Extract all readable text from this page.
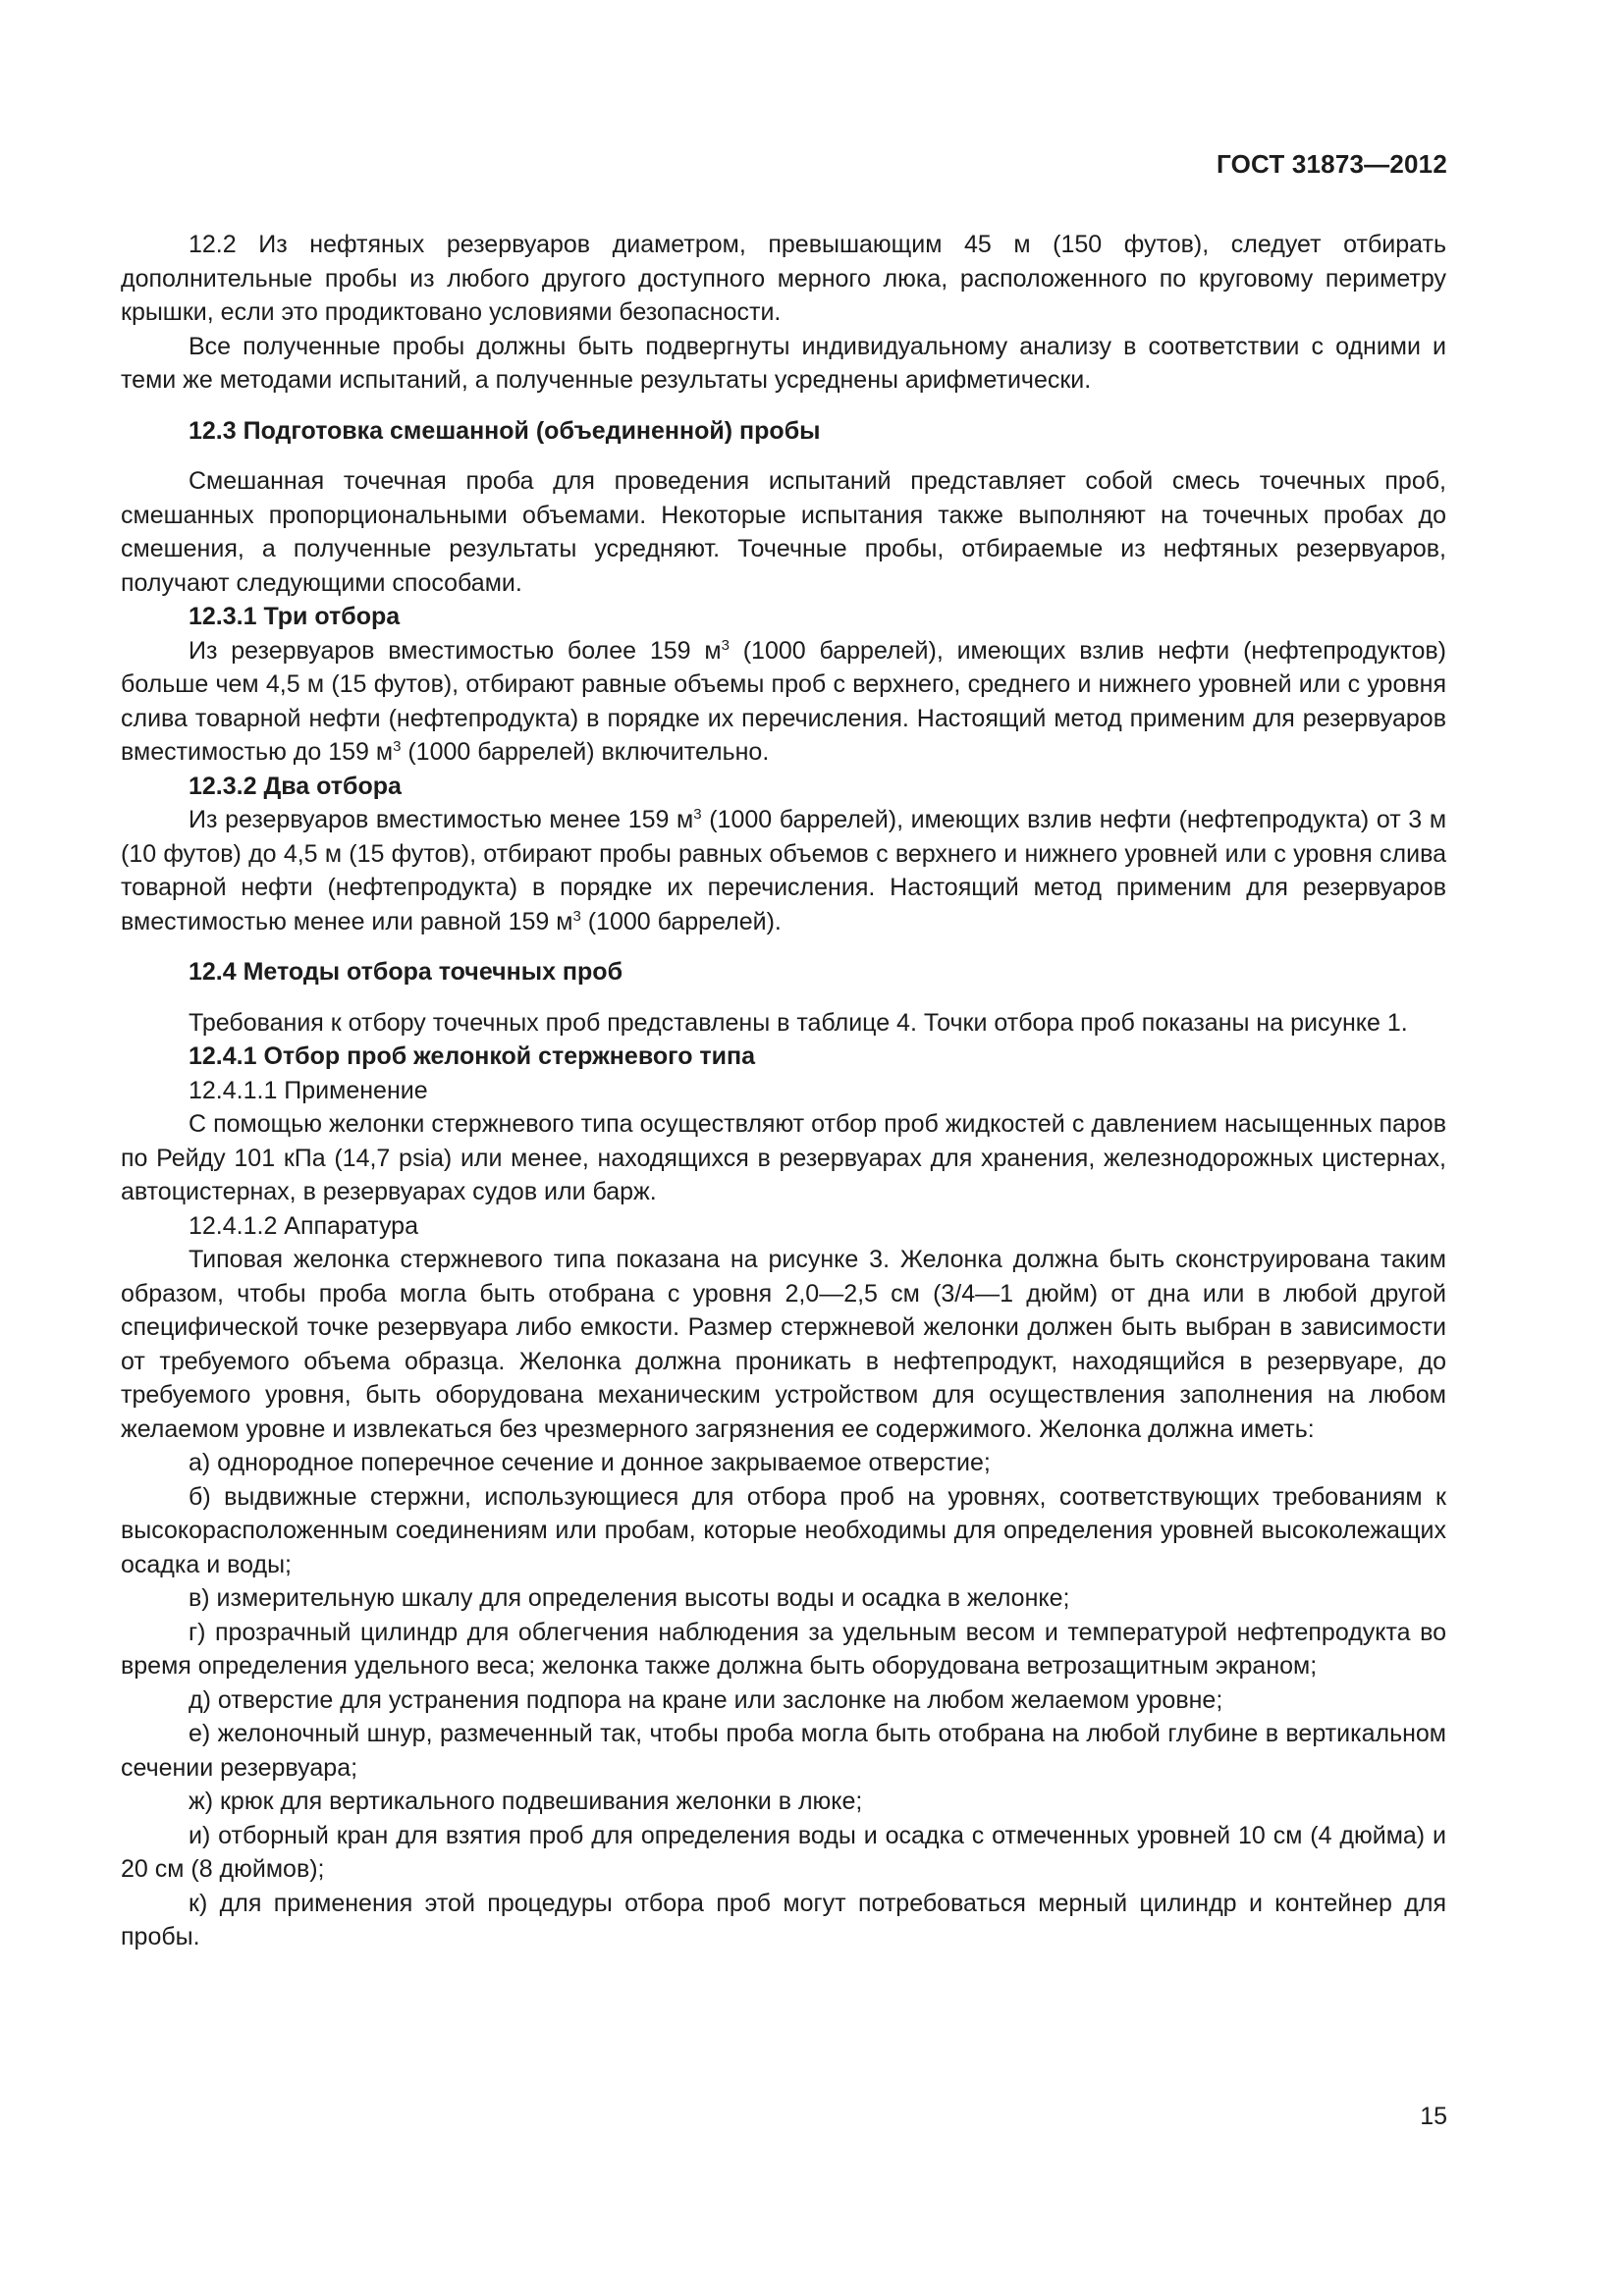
ГОСТ 31873—2012

12.2 Из нефтяных резервуаров диаметром, превышающим 45 м (150 футов), следует отбирать дополнительные пробы из любого другого доступного мерного люка, расположенного по круговому периметру крышки, если это продиктовано условиями безопасности.

Все полученные пробы должны быть подвергнуты индивидуальному анализу в соответствии с одними и теми же методами испытаний, а полученные результаты усреднены арифметически.

12.3 Подготовка смешанной (объединенной) пробы

Смешанная точечная проба для проведения испытаний представляет собой смесь точечных проб, смешанных пропорциональными объемами. Некоторые испытания также выполняют на точечных пробах до смешения, а полученные результаты усредняют. Точечные пробы, отбираемые из нефтяных резервуаров, получают следующими способами.

12.3.1 Три отбора

Из резервуаров вместимостью более 159 $м^3$ (1000 баррелей), имеющих взлив нефти (нефтепродуктов) больше чем 4,5 м (15 футов), отбирают равные объемы проб с верхнего, среднего и нижнего уровней или с уровня слива товарной нефти (нефтепродукта) в порядке их перечисления. Настоящий метод применим для резервуаров вместимостью до 159 $м^3$ (1000 баррелей) включительно.

12.3.2 Два отбора

Из резервуаров вместимостью менее 159 $м^3$ (1000 баррелей), имеющих взлив нефти (нефтепродукта) от 3 м (10 футов) до 4,5 м (15 футов), отбирают пробы равных объемов с верхнего и нижнего уровней или с уровня слива товарной нефти (нефтепродукта) в порядке их перечисления. Настоящий метод применим для резервуаров вместимостью менее или равной 159 $м^3$ (1000 баррелей).

12.4 Методы отбора точечных проб

Требования к отбору точечных проб представлены в таблице 4. Точки отбора проб показаны на рисунке 1.

12.4.1 Отбор проб желонкой стержневого типа

12.4.1.1 Применение

С помощью желонки стержневого типа осуществляют отбор проб жидкостей с давлением насыщенных паров по Рейду 101 кПа (14,7 psia) или менее, находящихся в резервуарах для хранения, железнодорожных цистернах, автоцистернах, в резервуарах судов или барж.

12.4.1.2 Аппаратура

Типовая желонка стержневого типа показана на рисунке 3. Желонка должна быть сконструирована таким образом, чтобы проба могла быть отобрана с уровня 2,0—2,5 см (3/4—1 дюйм) от дна или в любой другой специфической точке резервуара либо емкости. Размер стержневой желонки должен быть выбран в зависимости от требуемого объема образца. Желонка должна проникать в нефтепродукт, находящийся в резервуаре, до требуемого уровня, быть оборудована механическим устройством для осуществления заполнения на любом желаемом уровне и извлекаться без чрезмерного загрязнения ее содержимого. Желонка должна иметь:

а) однородное поперечное сечение и донное закрываемое отверстие;

б) выдвижные стержни, использующиеся для отбора проб на уровнях, соответствующих требованиям к высокорасположенным соединениям или пробам, которые необходимы для определения уровней высоколежащих осадка и воды;

в) измерительную шкалу для определения высоты воды и осадка в желонке;

г) прозрачный цилиндр для облегчения наблюдения за удельным весом и температурой нефтепродукта во время определения удельного веса; желонка также должна быть оборудована ветрозащитным экраном;

д) отверстие для устранения подпора на кране или заслонке на любом желаемом уровне;

е) желоночный шнур, размеченный так, чтобы проба могла быть отобрана на любой глубине в вертикальном сечении резервуара;

ж) крюк для вертикального подвешивания желонки в люке;

и) отборный кран для взятия проб для определения воды и осадка с отмеченных уровней 10 см (4 дюйма) и 20 см (8 дюймов);

к) для применения этой процедуры отбора проб могут потребоваться мерный цилиндр и контейнер для пробы.

15
